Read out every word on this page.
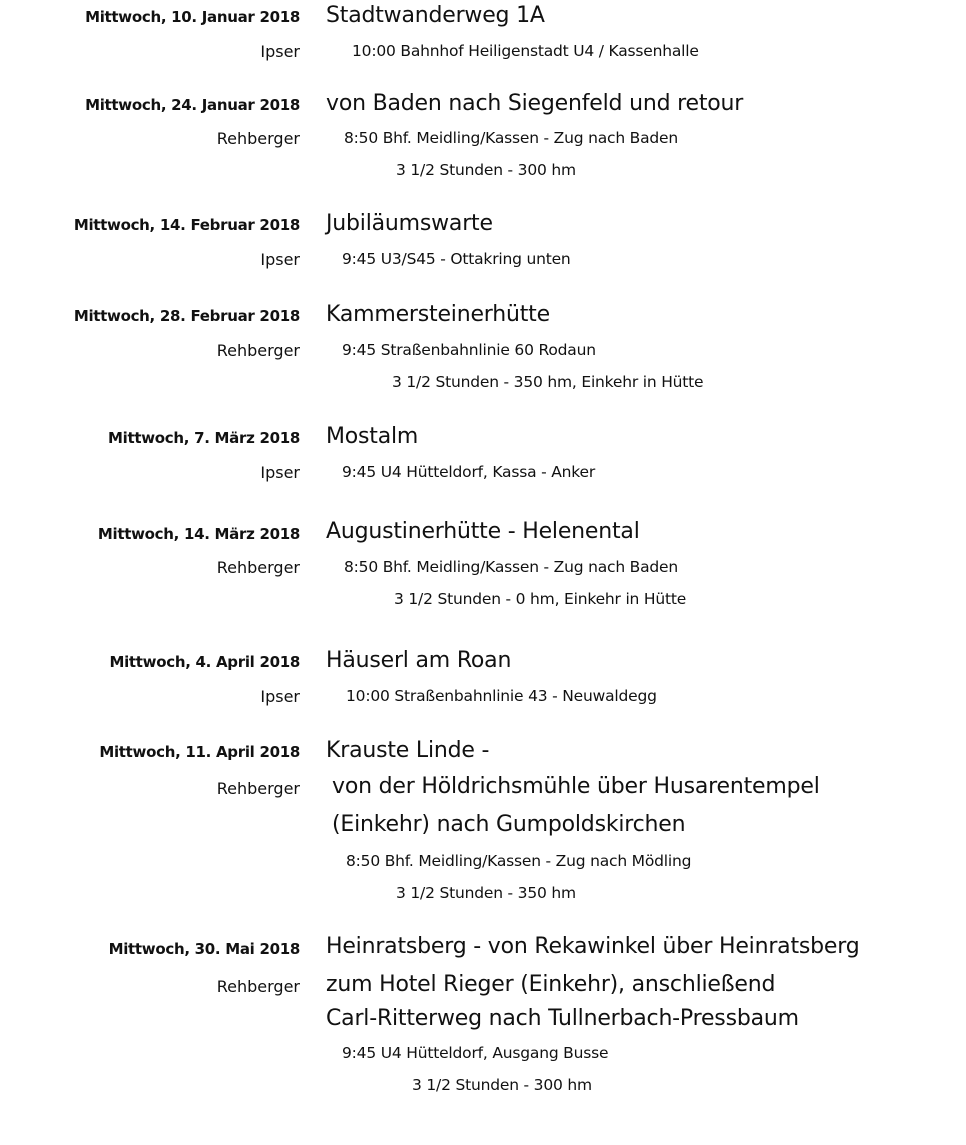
Mittwoch, 10. Januar 2018
Ipser
Stadtwanderweg 1A
10:00 Bahnhof Heiligenstadt U4 / Kassenhalle
Mittwoch, 24. Januar 2018
Rehberger
von Baden nach Siegenfeld und retour
8:50 Bhf. Meidling/Kassen - Zug nach Baden
3 1/2 Stunden - 300 hm
Mittwoch, 14. Februar 2018
Ipser
Jubiläumswarte
9:45 U3/S45 - Ottakring unten
Mittwoch, 28. Februar 2018
Rehberger
Kammersteinerhütte
9:45 Straßenbahnlinie 60 Rodaun
3 1/2 Stunden - 350 hm, Einkehr in Hütte
Mittwoch, 7. März 2018
Ipser
Mostalm
9:45 U4 Hütteldorf, Kassa - Anker
Mittwoch, 14. März 2018
Rehberger
Augustinerhütte - Helenental
8:50 Bhf. Meidling/Kassen - Zug nach Baden
3 1/2 Stunden - 0 hm, Einkehr in Hütte
Mittwoch, 4. April 2018
Ipser
Häuserl am Roan
10:00 Straßenbahnlinie 43 - Neuwaldegg
Mittwoch, 11. April 2018
Rehberger
Krauste Linde -
von der Höldrichsmühle über Husarentempel
(Einkehr) nach Gumpoldskirchen
8:50 Bhf. Meidling/Kassen - Zug nach Mödling
3 1/2 Stunden - 350 hm
Mittwoch, 30. Mai 2018
Rehberger
Heinratsberg - von Rekawinkel über Heinratsberg
zum Hotel Rieger (Einkehr), anschließend
Carl-Ritterweg nach Tullnerbach-Pressbaum
9:45 U4 Hütteldorf, Ausgang Busse
3 1/2 Stunden - 300 hm
